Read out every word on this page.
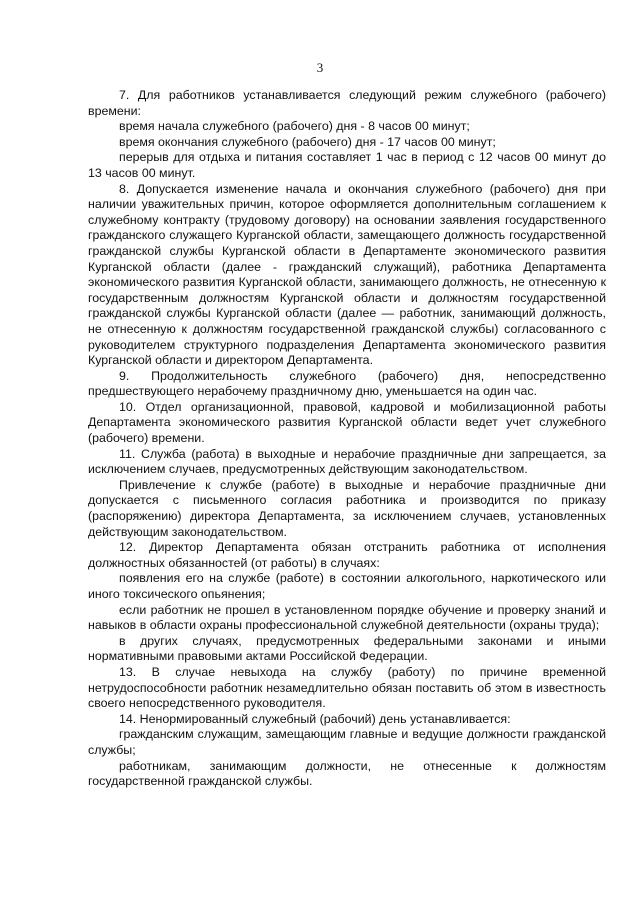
3

7. Для работников устанавливается следующий режим служебного (рабочего) времени:

время начала служебного (рабочего) дня - 8 часов 00 минут;

время окончания служебного (рабочего) дня - 17 часов 00 минут;

перерыв для отдыха и питания составляет 1 час в период с 12 часов 00 минут до 13 часов 00 минут.

8. Допускается изменение начала и окончания служебного (рабочего) дня при наличии уважительных причин, которое оформляется дополнительным соглашением к служебному контракту (трудовому договору) на основании заявления государственного гражданского служащего Курганской области, замещающего должность государственной гражданской службы Курганской области в Департаменте экономического развития Курганской области (далее - гражданский служащий), работника Департамента экономического развития Курганской области, занимающего должность, не отнесенную к государственным должностям Курганской области и должностям государственной гражданской службы Курганской области (далее — работник, занимающий должность, не отнесенную к должностям государственной гражданской службы) согласованного с руководителем структурного подразделения Департамента экономического развития Курганской области и директором Департамента.

9. Продолжительность служебного (рабочего) дня, непосредственно предшествующего нерабочему праздничному дню, уменьшается на один час.

10. Отдел организационной, правовой, кадровой и мобилизационной работы Департамента экономического развития Курганской области ведет учет служебного (рабочего) времени.

11. Служба (работа) в выходные и нерабочие праздничные дни запрещается, за исключением случаев, предусмотренных действующим законодательством.

Привлечение к службе (работе) в выходные и нерабочие праздничные дни допускается с письменного согласия работника и производится по приказу (распоряжению) директора Департамента, за исключением случаев, установленных действующим законодательством.

12. Директор Департамента обязан отстранить работника от исполнения должностных обязанностей (от работы) в случаях:

появления его на службе (работе) в состоянии алкогольного, наркотического или иного токсического опьянения;

если работник не прошел в установленном порядке обучение и проверку знаний и навыков в области охраны профессиональной служебной деятельности (охраны труда);

в других случаях, предусмотренных федеральными законами и иными нормативными правовыми актами Российской Федерации.

13. В случае невыхода на службу (работу) по причине временной нетрудоспособности работник незамедлительно обязан поставить об этом в известность своего непосредственного руководителя.

14. Ненормированный служебный (рабочий) день устанавливается:

гражданским служащим, замещающим главные и ведущие должности гражданской службы;

работникам, занимающим должности, не отнесенные к должностям государственной гражданской службы.
